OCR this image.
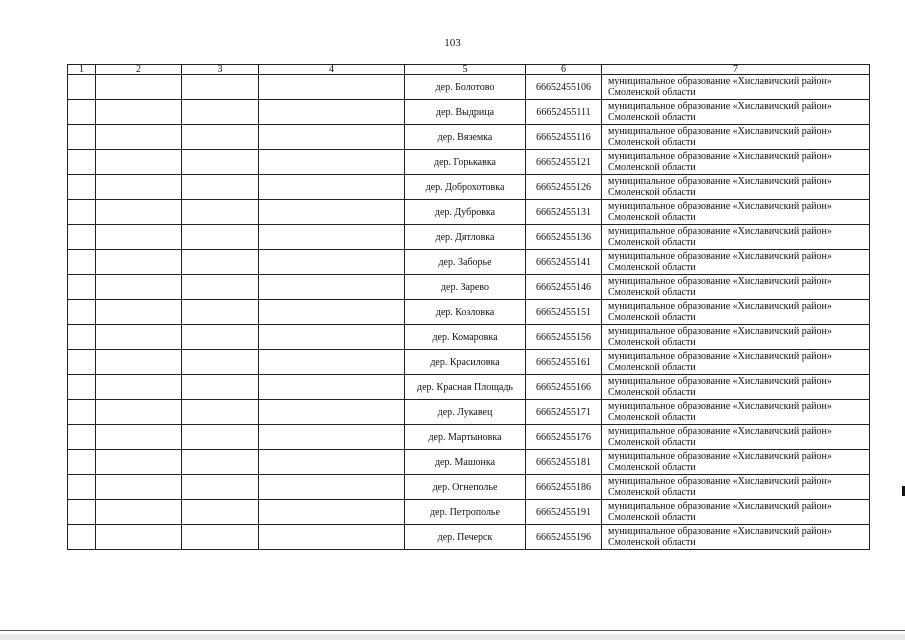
103
1	2	3	4	5	6	7
				дер. Болотово	66652455106	муниципальное образование «Хиславичский район»
Смоленской области

				дер. Выдрица	66652455111	муниципальное образование «Хиславичский район»
Смоленской области

				дер. Вяземка	66652455116	муниципальное образование «Хиславичский район»
Смоленской области

				дер. Горькавка	66652455121	муниципальное образование «Хиславичский район»
Смоленской области

				дер. Доброхотовка	66652455126	муниципальное образование «Хиславичский район»
Смоленской области

				дер. Дубровка	66652455131	муниципальное образование «Хиславичский район»
Смоленской области

				дер. Дятловка	66652455136	муниципальное образование «Хиславичский район»
Смоленской области

				дер. Заборье	66652455141	муниципальное образование «Хиславичский район»
Смоленской области

				дер. Зарево	66652455146	муниципальное образование «Хиславичский район»
Смоленской области

				дер. Козловка	66652455151	муниципальное образование «Хиславичский район»
Смоленской области

				дер. Комаровка	66652455156	муниципальное образование «Хиславичский район»
Смоленской области

				дер. Красиловка	66652455161	муниципальное образование «Хиславичский район»
Смоленской области

				дер. Красная Площадь	66652455166	муниципальное образование «Хиславичский район»
Смоленской области

				дер. Лукавец	66652455171	муниципальное образование «Хиславичский район»
Смоленской области

				дер. Мартыновка	66652455176	муниципальное образование «Хиславичский район»
Смоленской области

				дер. Машонка	66652455181	муниципальное образование «Хиславичский район»
Смоленской области

				дер. Огнеполье	66652455186	муниципальное образование «Хиславичский район»
Смоленской области

				дер. Петрополье	66652455191	муниципальное образование «Хиславичский район»
Смоленской области

				дер. Печерск	66652455196	муниципальное образование «Хиславичский район»
Смоленской области
